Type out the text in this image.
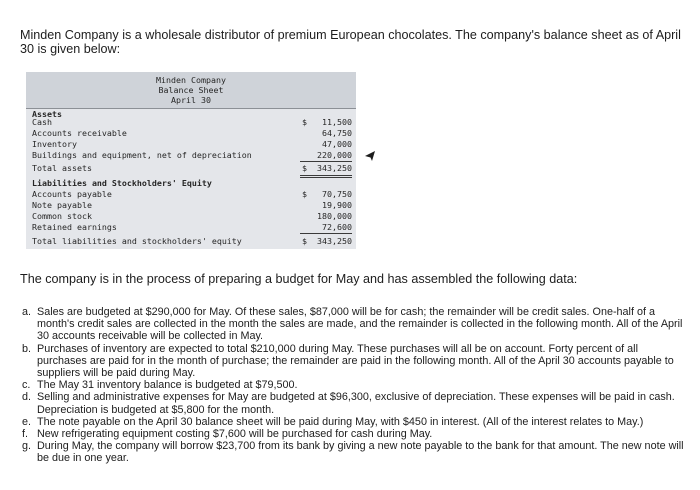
Minden Company is a wholesale distributor of premium European chocolates. The company's balance sheet as of April 30 is given below:

Minden Company
Balance Sheet
April 30
Assets
Cash	$	11,500
Accounts receivable	64,750
Inventory	47,000
Buildings and equipment, net of depreciation	220,000
Total assets	$	343,250
Liabilities and Stockholders' Equity
Accounts payable	$	70,750
Note payable	19,900
Common stock	180,000
Retained earnings	72,600
Total liabilities and stockholders' equity	$	343,250

The company is in the process of preparing a budget for May and has assembled the following data:

a. Sales are budgeted at $290,000 for May. Of these sales, $87,000 will be for cash; the remainder will be credit sales. One-half of a month's credit sales are collected in the month the sales are made, and the remainder is collected in the following month. All of the April 30 accounts receivable will be collected in May.
b. Purchases of inventory are expected to total $210,000 during May. These purchases will all be on account. Forty percent of all purchases are paid for in the month of purchase; the remainder are paid in the following month. All of the April 30 accounts payable to suppliers will be paid during May.
c. The May 31 inventory balance is budgeted at $79,500.
d. Selling and administrative expenses for May are budgeted at $96,300, exclusive of depreciation. These expenses will be paid in cash. Depreciation is budgeted at $5,800 for the month.
e. The note payable on the April 30 balance sheet will be paid during May, with $450 in interest. (All of the interest relates to May.)
f. New refrigerating equipment costing $7,600 will be purchased for cash during May.
g. During May, the company will borrow $23,700 from its bank by giving a new note payable to the bank for that amount. The new note will be due in one year.
